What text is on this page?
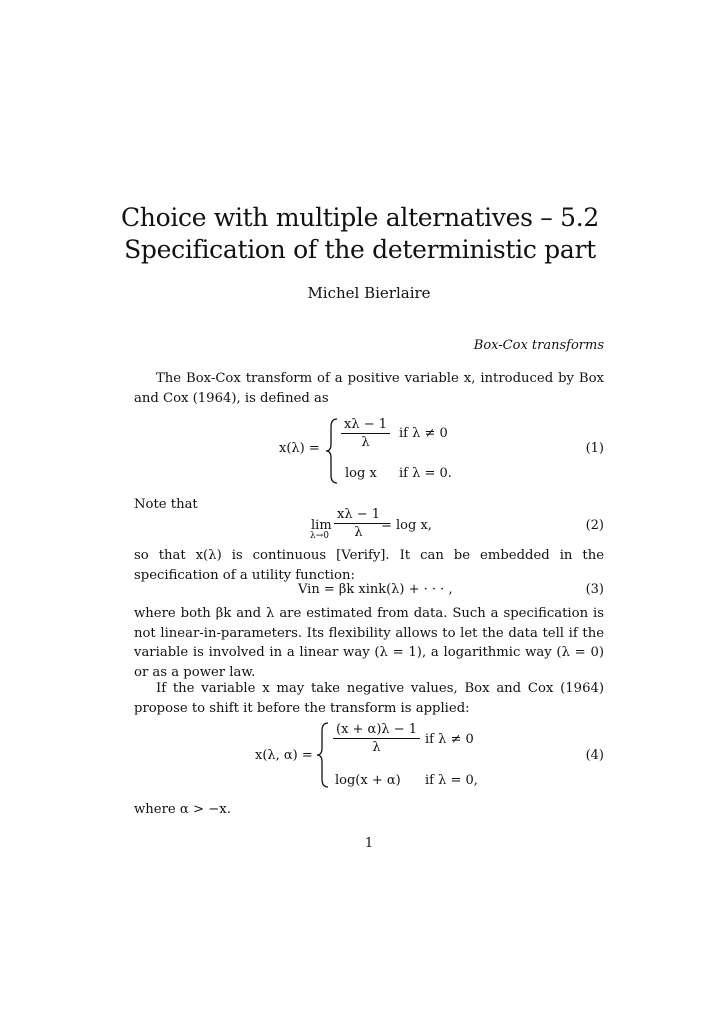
Choice with multiple alternatives – 5.2
Specification of the deterministic part
Michel Bierlaire
Box-Cox transforms
The Box-Cox transform of a positive variable x, introduced by Box and Cox (1964), is defined as
$x(\lambda) = \frac{x\lambda - 1}{\lambda}$ if λ ≠ 0
log x if λ = 0.
(1)
Note that
lim
$\lambda\to 0 \frac{x\lambda - 1}{\lambda}$
= log x,	(2)
so that x(λ) is continuous [Verify]. It can be embedded in the specification of a utility function:
Vin = βk xink(λ) + · · · ,	(3)
where both βk and λ are estimated from data. Such a specification is not linear-in-parameters. Its flexibility allows to let the data tell if the variable is involved in a linear way (λ = 1), a logarithmic way (λ = 0) or as a power law.
If the variable x may take negative values, Box and Cox (1964) propose to shift it before the transform is applied:
x(λ, α) =
$\frac{(x + \alpha)\lambda - 1}{\lambda}$ if λ ≠ 0
log(x + α) if λ = 0,
(4)
where α > −x.
1
